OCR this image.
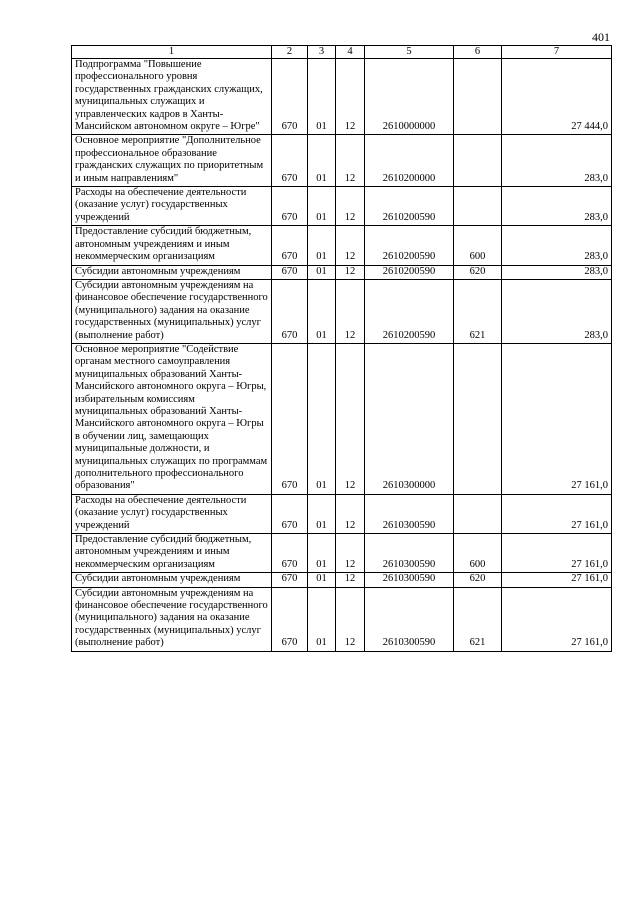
401
1	2	3	4	5	6	7
Подпрограмма "Повышение профессионального уровня государственных гражданских служащих, муниципальных служащих и управленческих кадров в Ханты-Мансийском автономном округе – Югре"	670	01	12	2610000000		27 444,0
Основное мероприятие "Дополнительное профессиональное образование гражданских служащих по приоритетным и иным направлениям"	670	01	12	2610200000		283,0
Расходы на обеспечение деятельности (оказание услуг) государственных учреждений	670	01	12	2610200590		283,0
Предоставление субсидий бюджетным, автономным учреждениям и иным некоммерческим организациям	670	01	12	2610200590	600	283,0
Субсидии автономным учреждениям	670	01	12	2610200590	620	283,0
Субсидии автономным учреждениям на финансовое обеспечение государственного (муниципального) задания на оказание государственных (муниципальных) услуг (выполнение работ)	670	01	12	2610200590	621	283,0
Основное мероприятие "Содействие органам местного самоуправления муниципальных образований Ханты-Мансийского автономного округа – Югры, избирательным комиссиям муниципальных образований Ханты-Мансийского автономного округа – Югры в обучении лиц, замещающих муниципальные должности, и муниципальных служащих по программам дополнительного профессионального образования"	670	01	12	2610300000		27 161,0
Расходы на обеспечение деятельности (оказание услуг) государственных учреждений	670	01	12	2610300590		27 161,0
Предоставление субсидий бюджетным, автономным учреждениям и иным некоммерческим организациям	670	01	12	2610300590	600	27 161,0
Субсидии автономным учреждениям	670	01	12	2610300590	620	27 161,0
Субсидии автономным учреждениям на финансовое обеспечение государственного (муниципального) задания на оказание государственных (муниципальных) услуг (выполнение работ)	670	01	12	2610300590	621	27 161,0
